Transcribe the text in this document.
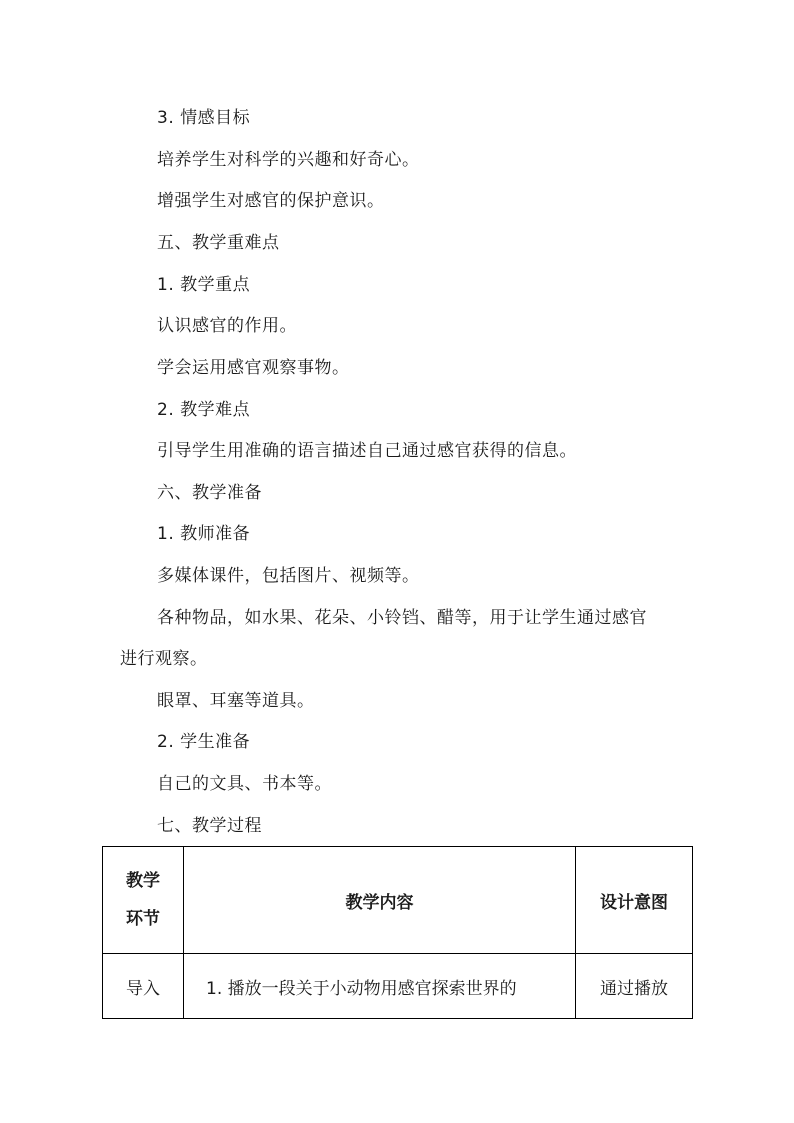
3. 情感目标
培养学生对科学的兴趣和好奇心。
增强学生对感官的保护意识。
五、教学重难点
1. 教学重点
认识感官的作用。
学会运用感官观察事物。
2. 教学难点
引导学生用准确的语言描述自己通过感官获得的信息。
六、教学准备
1. 教师准备
多媒体课件，包括图片、视频等。
各种物品，如水果、花朵、小铃铛、醋等，用于让学生通过感官
进行观察。
眼罩、耳塞等道具。
2. 学生准备
自己的文具、书本等。
七、教学过程
教学
环节	教学内容	设计意图
导入	1. 播放一段关于小动物用感官探索世界的	通过播放
